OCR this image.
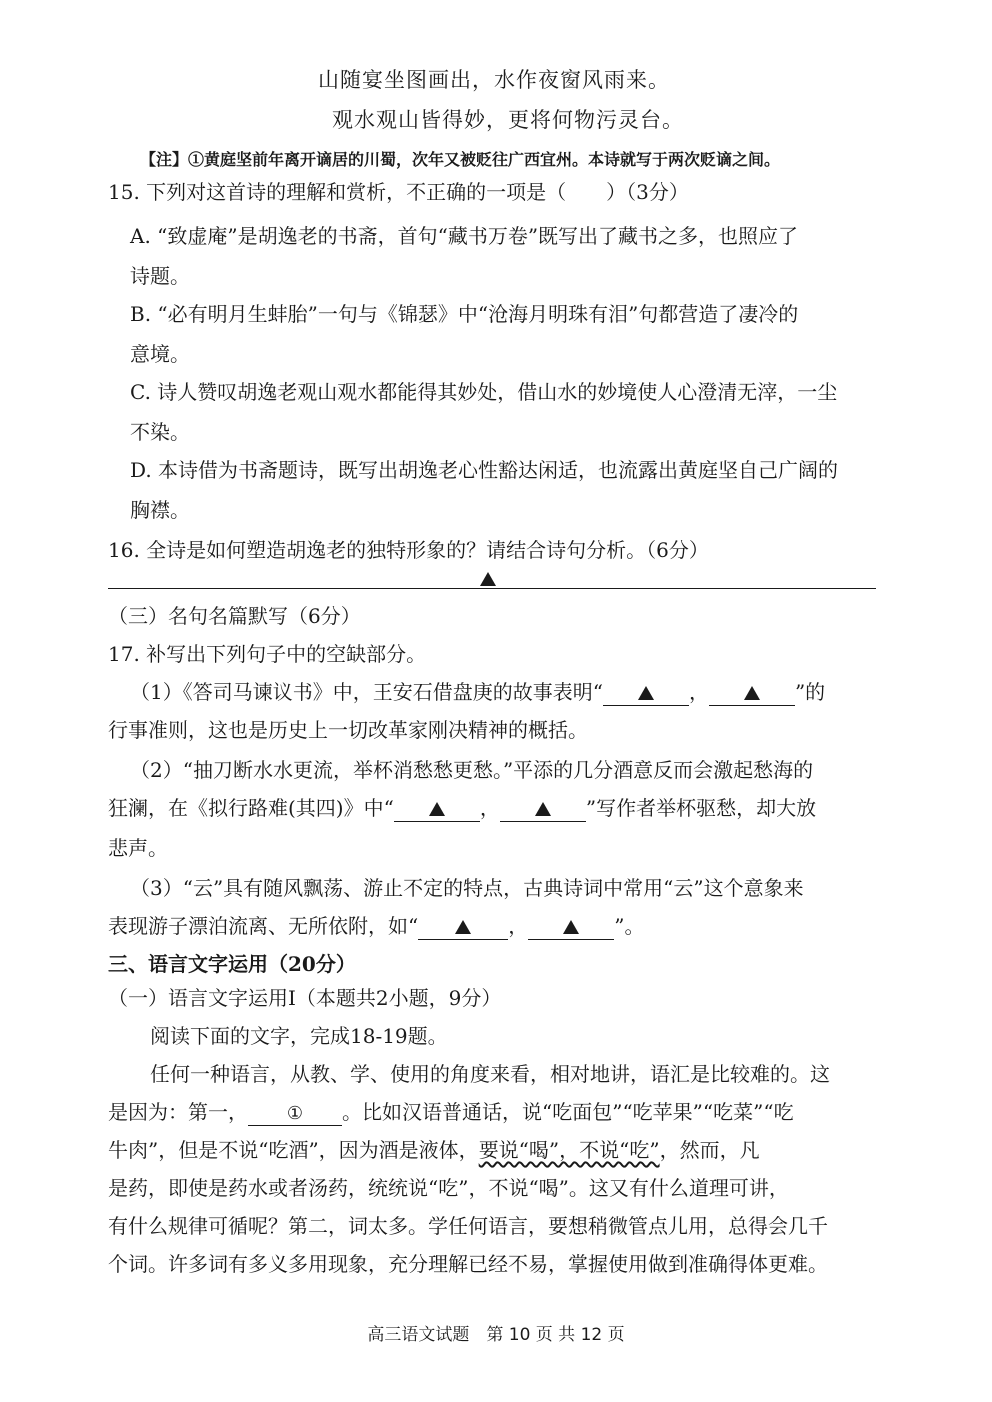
山随宴坐图画出，水作夜窗风雨来。
观水观山皆得妙，更将何物污灵台。
【注】①黄庭坚前年离开谪居的川蜀，次年又被贬往广西宜州。本诗就写于两次贬谪之间。
15. 下列对这首诗的理解和赏析，不正确的一项是（　　）（3分）
A. “致虚庵”是胡逸老的书斋，首句“藏书万卷”既写出了藏书之多，也照应了
诗题。
B. “必有明月生蚌胎”一句与《锦瑟》中“沧海月明珠有泪”句都营造了凄冷的
意境。
C. 诗人赞叹胡逸老观山观水都能得其妙处，借山水的妙境使人心澄清无滓，一尘
不染。
D. 本诗借为书斋题诗，既写出胡逸老心性豁达闲适，也流露出黄庭坚自己广阔的
胸襟。
16. 全诗是如何塑造胡逸老的独特形象的？请结合诗句分析。（6分）
（三）名句名篇默写（6分）
17. 补写出下列句子中的空缺部分。
（1）《答司马谏议书》中，王安石借盘庚的故事表明“	，	”的
行事准则，这也是历史上一切改革家刚决精神的概括。
（2）“抽刀断水水更流，举杯消愁愁更愁。”平添的几分酒意反而会激起愁海的
狂澜，在《拟行路难(其四)》中“	，	”写作者举杯驱愁，却大放
悲声。
（3）“云”具有随风飘荡、游止不定的特点，古典诗词中常用“云”这个意象来
表现游子漂泊流离、无所依附，如“	，	”。
三、语言文字运用（20分）
（一）语言文字运用Ⅰ（本题共2小题，9分）
阅读下面的文字，完成18-19题。
任何一种语言，从教、学、使用的角度来看，相对地讲，语汇是比较难的。这
是因为：第一， ① 。比如汉语普通话，说“吃面包”“吃苹果”“吃菜”“吃
牛肉”，但是不说“吃酒”，因为酒是液体，要说“喝”，不说“吃”，然而，凡
是药，即使是药水或者汤药，统统说“吃”，不说“喝”。这又有什么道理可讲，
有什么规律可循呢？第二，词太多。学任何语言，要想稍微管点儿用，总得会几千
个词。许多词有多义多用现象，充分理解已经不易，掌握使用做到准确得体更难。
高三语文试题　第 10 页 共 12 页
